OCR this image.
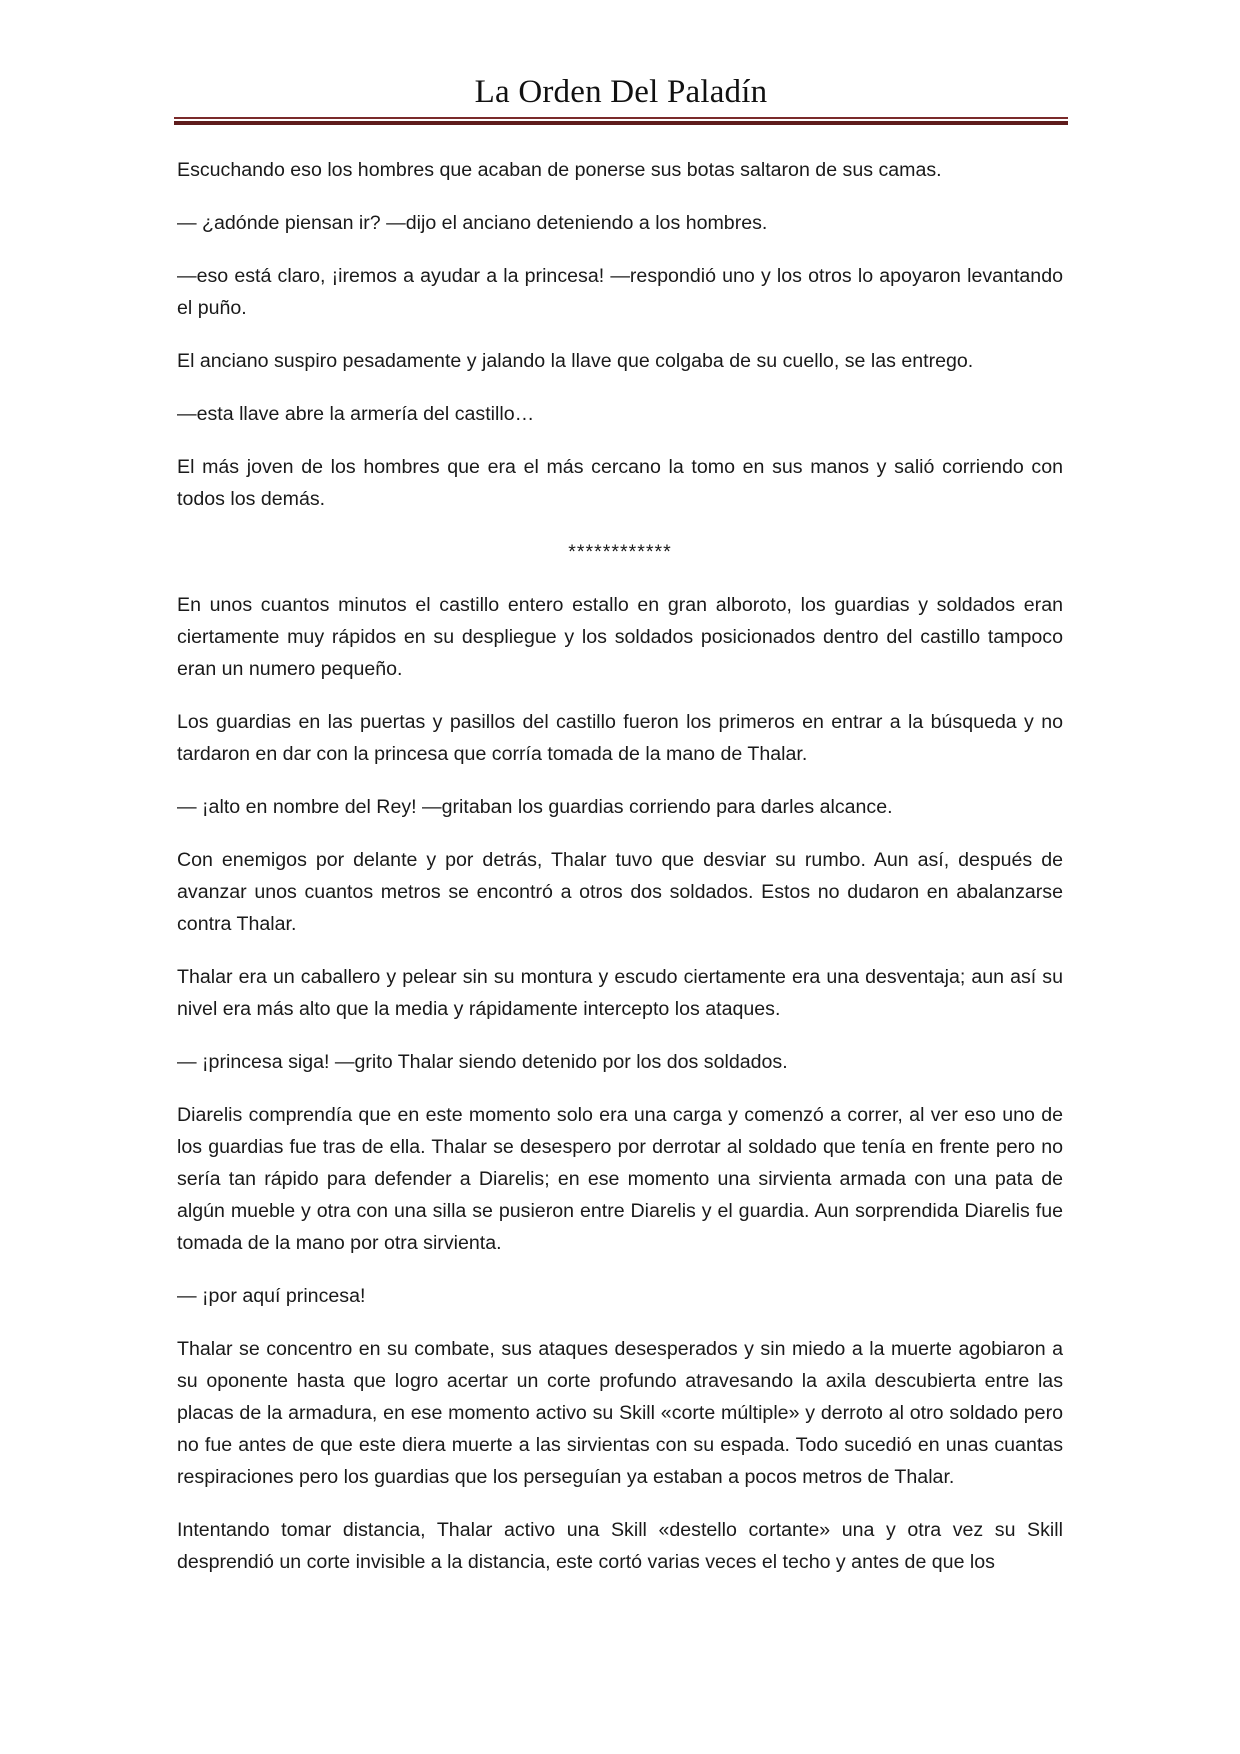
La Orden Del Paladín

Escuchando eso los hombres que acaban de ponerse sus botas saltaron de sus camas.

— ¿adónde piensan ir? —dijo el anciano deteniendo a los hombres.

—eso está claro, ¡iremos a ayudar a la princesa! —respondió uno y los otros lo apoyaron levantando el puño.

El anciano suspiro pesadamente y jalando la llave que colgaba de su cuello, se las entrego.

—esta llave abre la armería del castillo…

El más joven de los hombres que era el más cercano la tomo en sus manos y salió corriendo con todos los demás.

************

En unos cuantos minutos el castillo entero estallo en gran alboroto, los guardias y soldados eran ciertamente muy rápidos en su despliegue y los soldados posicionados dentro del castillo tampoco eran un numero pequeño.

Los guardias en las puertas y pasillos del castillo fueron los primeros en entrar a la búsqueda y no tardaron en dar con la princesa que corría tomada de la mano de Thalar.

— ¡alto en nombre del Rey! —gritaban los guardias corriendo para darles alcance.

Con enemigos por delante y por detrás, Thalar tuvo que desviar su rumbo. Aun así, después de avanzar unos cuantos metros se encontró a otros dos soldados. Estos no dudaron en abalanzarse contra Thalar.

Thalar era un caballero y pelear sin su montura y escudo ciertamente era una desventaja; aun así su nivel era más alto que la media y rápidamente intercepto los ataques.

— ¡princesa siga! —grito Thalar siendo detenido por los dos soldados.

Diarelis comprendía que en este momento solo era una carga y comenzó a correr, al ver eso uno de los guardias fue tras de ella. Thalar se desespero por derrotar al soldado que tenía en frente pero no sería tan rápido para defender a Diarelis; en ese momento una sirvienta armada con una pata de algún mueble y otra con una silla se pusieron entre Diarelis y el guardia. Aun sorprendida Diarelis fue tomada de la mano por otra sirvienta.

— ¡por aquí princesa!

Thalar se concentro en su combate, sus ataques desesperados y sin miedo a la muerte agobiaron a su oponente hasta que logro acertar un corte profundo atravesando la axila descubierta entre las placas de la armadura, en ese momento activo su Skill «corte múltiple» y derroto al otro soldado pero no fue antes de que este diera muerte a las sirvientas con su espada. Todo sucedió en unas cuantas respiraciones pero los guardias que los perseguían ya estaban a pocos metros de Thalar.

Intentando tomar distancia, Thalar activo una Skill «destello cortante» una y otra vez su Skill desprendió un corte invisible a la distancia, este cortó varias veces el techo y antes de que los
